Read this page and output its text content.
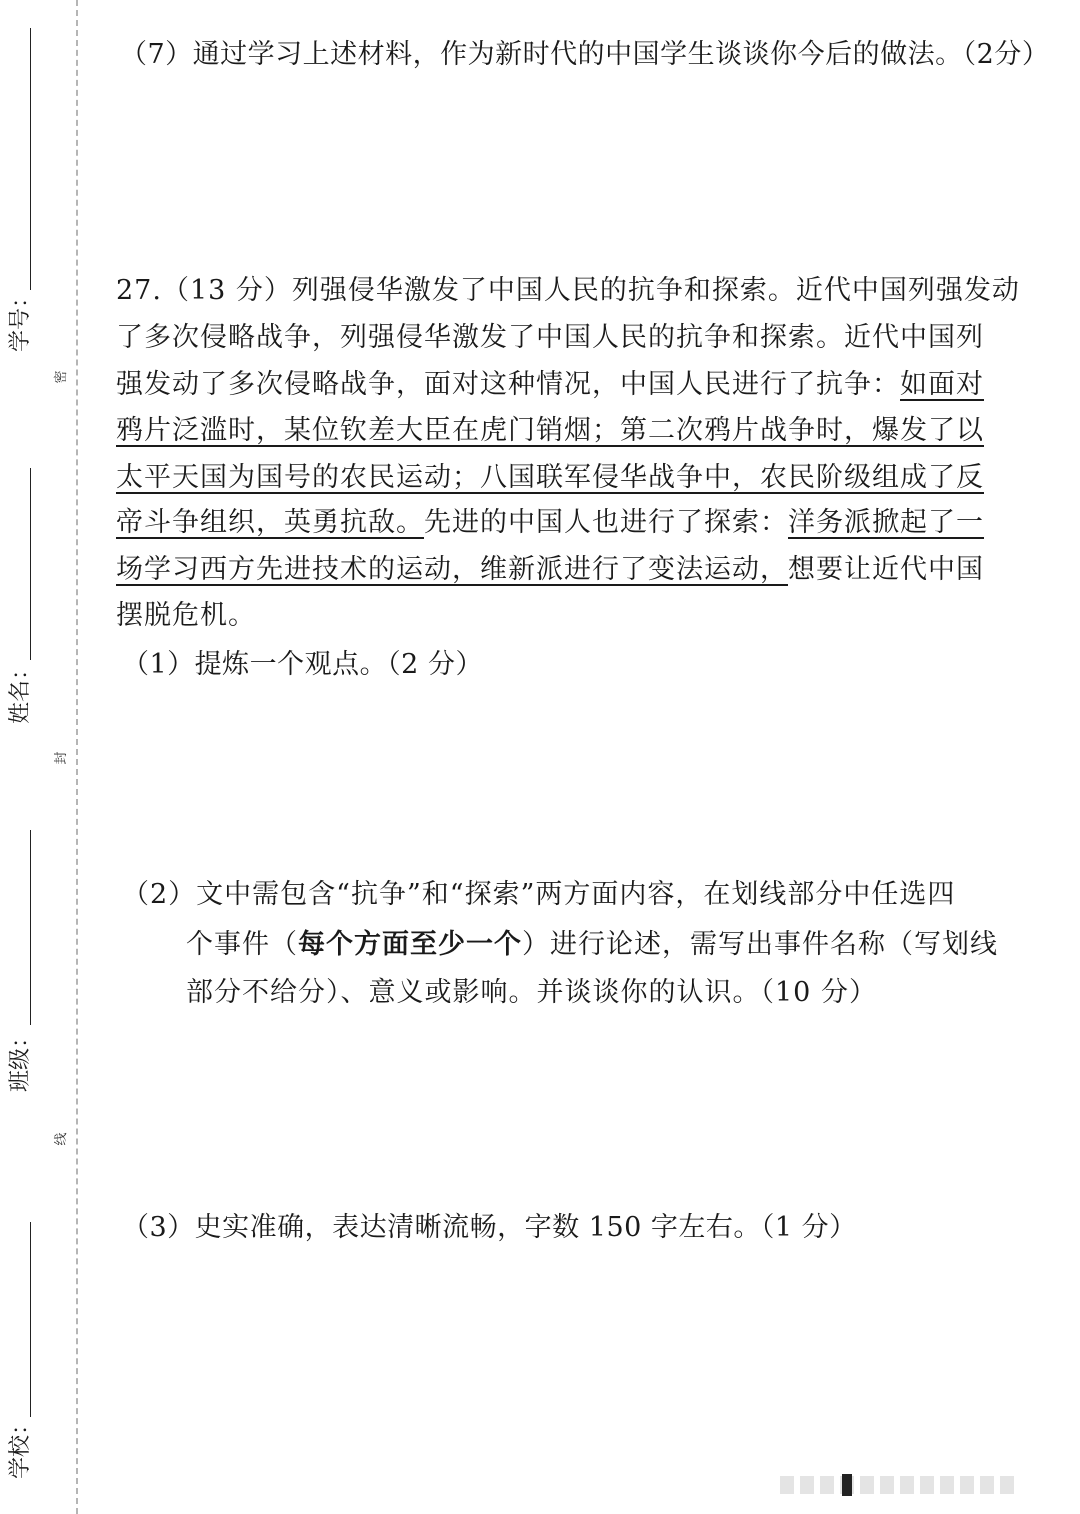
学号：
姓名：
班级：
学校：
密
封
线

（7）通过学习上述材料，作为新时代的中国学生谈谈你今后的做法。（2分）

27.（13 分）列强侵华激发了中国人民的抗争和探索。近代中国列强发动
了多次侵略战争，列强侵华激发了中国人民的抗争和探索。近代中国列
强发动了多次侵略战争，面对这种情况，中国人民进行了抗争：如面对
鸦片泛滥时，某位钦差大臣在虎门销烟；第二次鸦片战争时，爆发了以
太平天国为国号的农民运动；八国联军侵华战争中，农民阶级组成了反
帝斗争组织，英勇抗敌。先进的中国人也进行了探索：洋务派掀起了一
场学习西方先进技术的运动，维新派进行了变法运动，想要让近代中国
摆脱危机。

（1）提炼一个观点。（2 分）

（2）文中需包含“抗争”和“探索”两方面内容，在划线部分中任选四

个事件（每个方面至少一个）进行论述，需写出事件名称（写划线

部分不给分）、意义或影响。并谈谈你的认识。（10 分）

（3）史实准确，表达清晰流畅，字数 150 字左右。（1 分）
